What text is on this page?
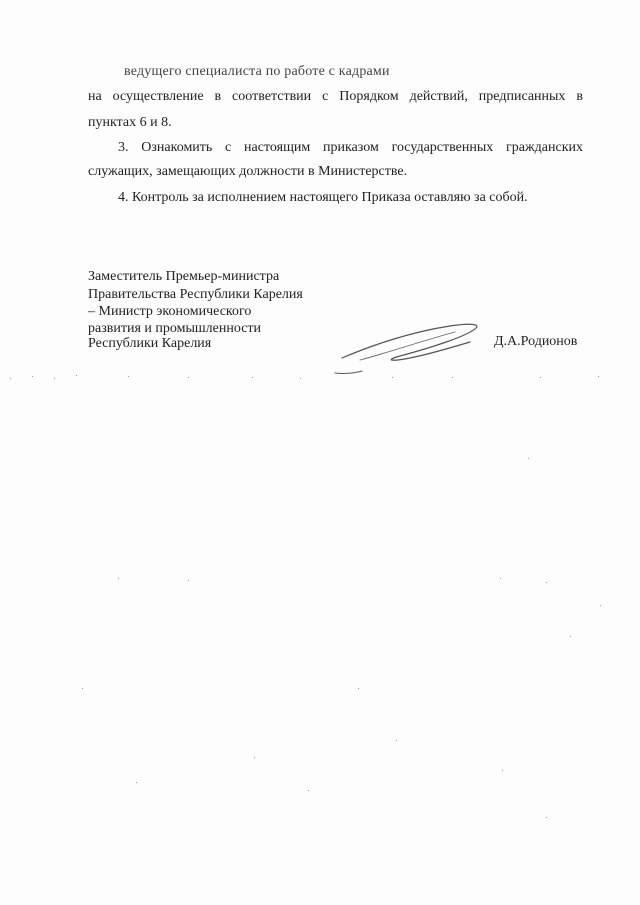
ведущего специалиста по работе с кадрами
на осуществление в соответствии с Порядком действий, предписанных в
пунктах 6 и 8.
3. Ознакомить с настоящим приказом государственных гражданских
служащих, замещающих должности в Министерстве.
4. Контроль за исполнением настоящего Приказа оставляю за собой.
Заместитель Премьер-министра
Правительства Республики Карелия
– Министр экономического
развития и промышленности
Республики Карелия	Д.А.Родионов
